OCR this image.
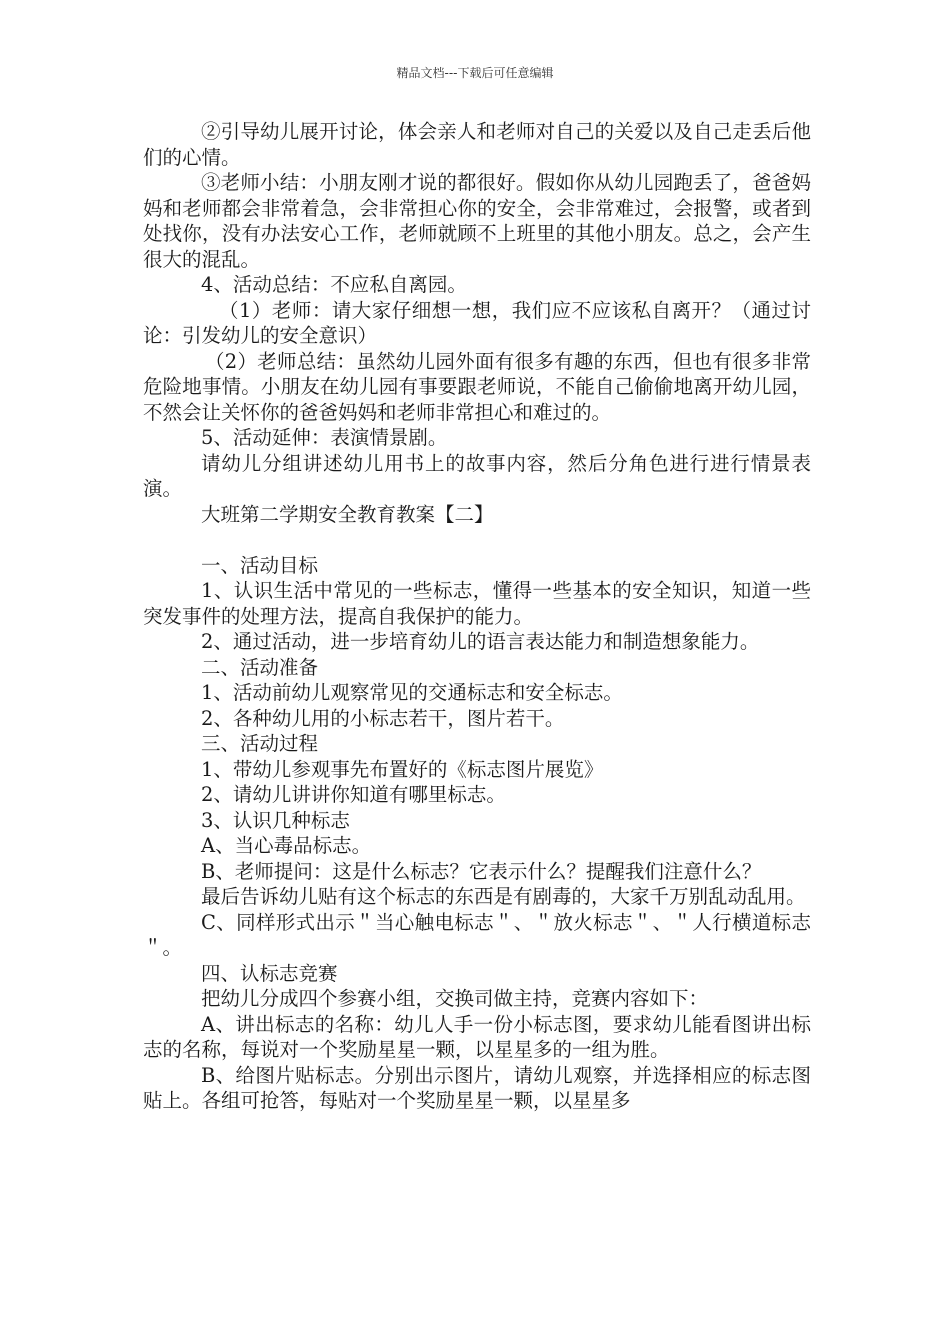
精品文档---下载后可任意编辑

②引导幼儿展开讨论，体会亲人和老师对自己的关爱以及自己走丢后他们的心情。

③老师小结：小朋友刚才说的都很好。假如你从幼儿园跑丢了，爸爸妈妈和老师都会非常着急，会非常担心你的安全，会非常难过，会报警，或者到处找你，没有办法安心工作，老师就顾不上班里的其他小朋友。总之，会产生很大的混乱。

4、活动总结：不应私自离园。

（1）老师：请大家仔细想一想，我们应不应该私自离开？（通过讨论：引发幼儿的安全意识）

（2）老师总结：虽然幼儿园外面有很多有趣的东西，但也有很多非常危险地事情。小朋友在幼儿园有事要跟老师说，不能自己偷偷地离开幼儿园，不然会让关怀你的爸爸妈妈和老师非常担心和难过的。

5、活动延伸：表演情景剧。

请幼儿分组讲述幼儿用书上的故事内容，然后分角色进行进行情景表演。

大班第二学期安全教育教案【二】

一、活动目标

1、认识生活中常见的一些标志，懂得一些基本的安全知识，知道一些突发事件的处理方法，提高自我保护的能力。

2、通过活动，进一步培育幼儿的语言表达能力和制造想象能力。

二、活动准备

1、活动前幼儿观察常见的交通标志和安全标志。

2、各种幼儿用的小标志若干，图片若干。

三、活动过程

1、带幼儿参观事先布置好的《标志图片展览》

2、请幼儿讲讲你知道有哪里标志。

3、认识几种标志

A、当心毒品标志。

B、老师提问：这是什么标志？它表示什么？提醒我们注意什么？

最后告诉幼儿贴有这个标志的东西是有剧毒的，大家千万别乱动乱用。

C、同样形式出示＂当心触电标志＂、＂放火标志＂、＂人行横道标志＂。

四、认标志竞赛

把幼儿分成四个参赛小组，交换司做主持，竞赛内容如下：

A、讲出标志的名称：幼儿人手一份小标志图，要求幼儿能看图讲出标志的名称，每说对一个奖励星星一颗，以星星多的一组为胜。

B、给图片贴标志。分别出示图片，请幼儿观察，并选择相应的标志图贴上。各组可抢答，每贴对一个奖励星星一颗，以星星多
